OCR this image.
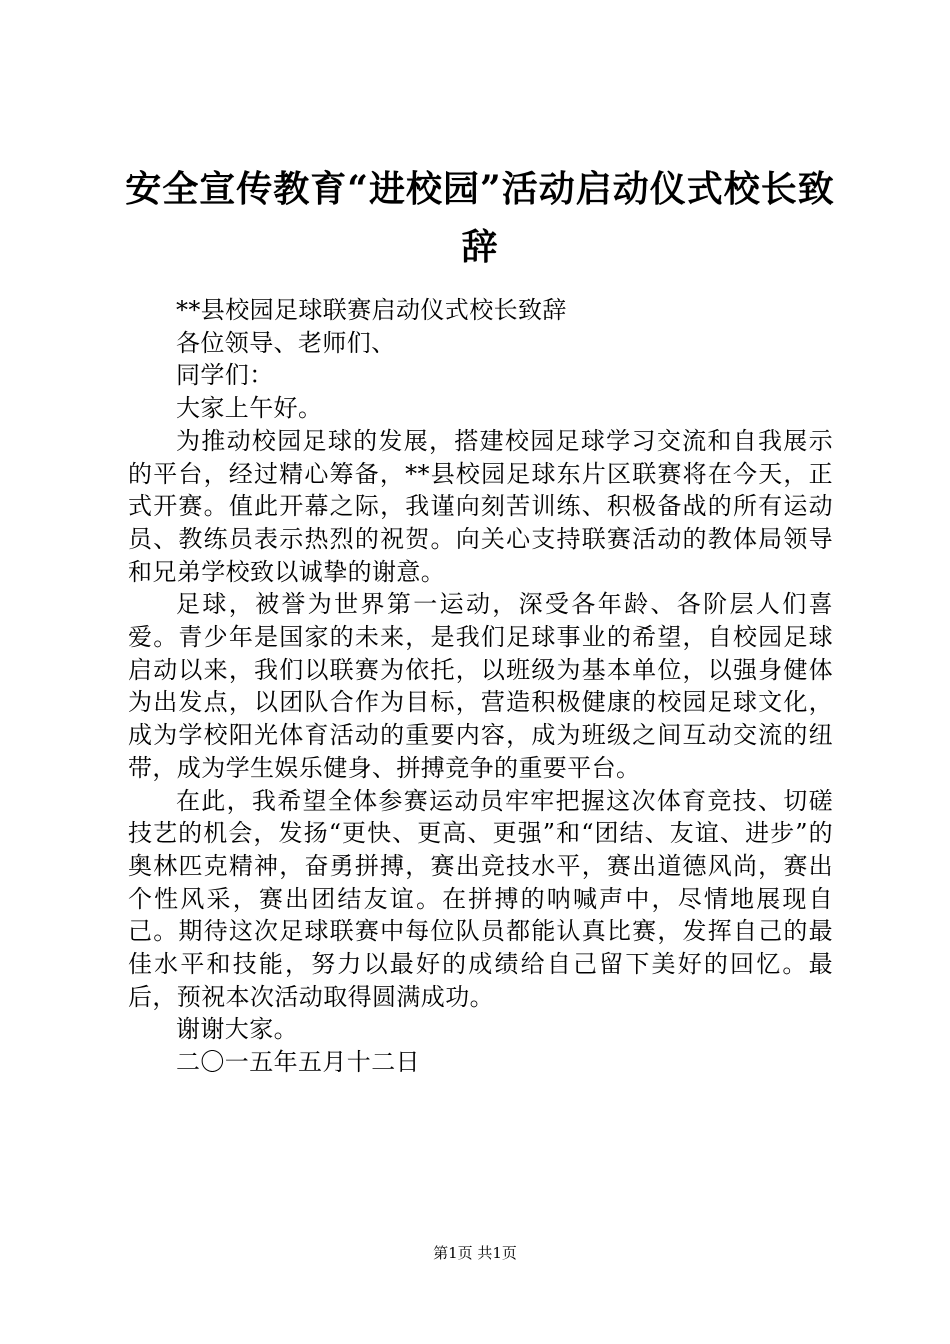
安全宣传教育“进校园”活动启动仪式校长致辞

**县校园足球联赛启动仪式校长致辞

各位领导、老师们、

同学们：

大家上午好。

为推动校园足球的发展，搭建校园足球学习交流和自我展示的平台，经过精心筹备，**县校园足球东片区联赛将在今天，正式开赛。值此开幕之际，我谨向刻苦训练、积极备战的所有运动员、教练员表示热烈的祝贺。向关心支持联赛活动的教体局领导和兄弟学校致以诚挚的谢意。

足球，被誉为世界第一运动，深受各年龄、各阶层人们喜爱。青少年是国家的未来，是我们足球事业的希望，自校园足球启动以来，我们以联赛为依托，以班级为基本单位，以强身健体为出发点，以团队合作为目标，营造积极健康的校园足球文化，成为学校阳光体育活动的重要内容，成为班级之间互动交流的纽带，成为学生娱乐健身、拼搏竞争的重要平台。

在此，我希望全体参赛运动员牢牢把握这次体育竞技、切磋技艺的机会，发扬“更快、更高、更强”和“团结、友谊、进步”的奥林匹克精神，奋勇拼搏，赛出竞技水平，赛出道德风尚，赛出个性风采，赛出团结友谊。在拼搏的呐喊声中，尽情地展现自己。期待这次足球联赛中每位队员都能认真比赛，发挥自己的最佳水平和技能，努力以最好的成绩给自己留下美好的回忆。最后，预祝本次活动取得圆满成功。

谢谢大家。

二〇一五年五月十二日

第1页 共1页
